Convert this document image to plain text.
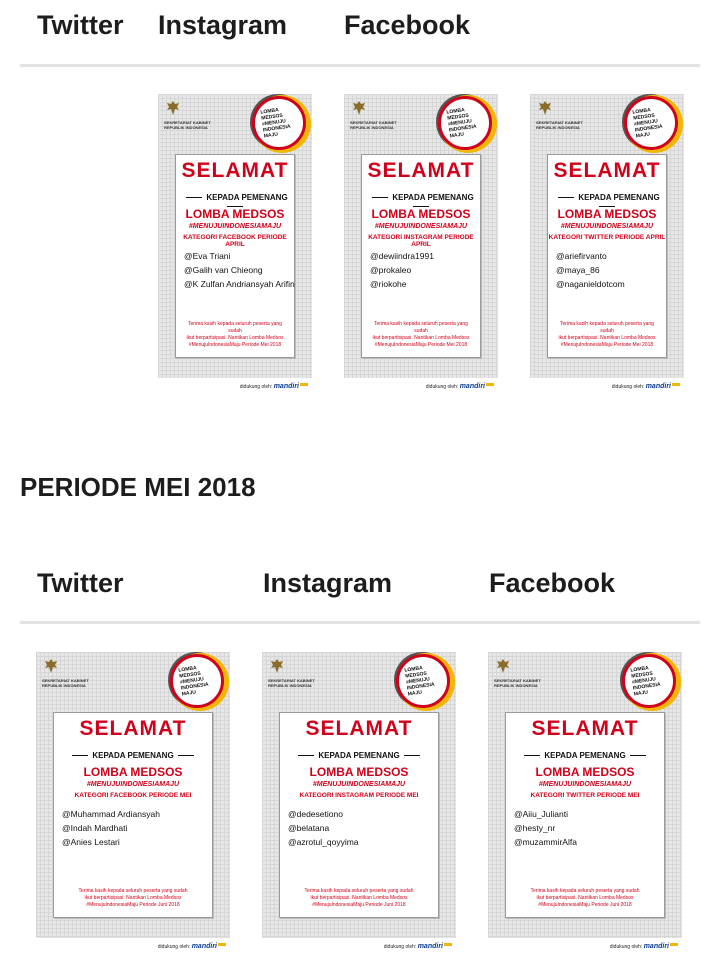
Twitter Instagram Facebook
SEKRETARIAT KABINET
REPUBLIK INDONESIA
LOMBA MEDSOS #MENUJU INDONESIA MAJU
SELAMAT
KEPADA PEMENANG
LOMBA MEDSOS
#MENUJUINDONESIAMAJU
KATEGORI FACEBOOK PERIODE APRIL
@Eva Triani
@Galih van Chieong
@K Zulfan Andriansyah Arifin
Terima kasih kepada seluruh peserta yang sudah
ikut berpartisipasi. Nantikan Lomba Medsos
#MenujuIndonesiaMaju Periode Mei 2018
didukung oleh: mandiri
SEKRETARIAT KABINET
REPUBLIK INDONESIA
LOMBA MEDSOS #MENUJU INDONESIA MAJU
SELAMAT
KEPADA PEMENANG
LOMBA MEDSOS
#MENUJUINDONESIAMAJU
KATEGORI INSTAGRAM PERIODE APRIL
@dewiindra1991
@prokaleo
@riokohe
Terima kasih kepada seluruh peserta yang sudah
ikut berpartisipasi. Nantikan Lomba Medsos
#MenujuIndonesiaMaju Periode Mei 2018
didukung oleh: mandiri
SEKRETARIAT KABINET
REPUBLIK INDONESIA
LOMBA MEDSOS #MENUJU INDONESIA MAJU
SELAMAT
KEPADA PEMENANG
LOMBA MEDSOS
#MENUJUINDONESIAMAJU
KATEGORI TWITTER PERIODE APRIL
@ariefirvanto
@maya_86
@naganieldotcom
Terima kasih kepada seluruh peserta yang sudah
ikut berpartisipasi. Nantikan Lomba Medsos
#MenujuIndonesiaMaju Periode Mei 2018
didukung oleh: mandiri
PERIODE MEI 2018
Twitter	Instagram	Facebook
SEKRETARIAT KABINET
REPUBLIK INDONESIA
LOMBA MEDSOS #MENUJU INDONESIA MAJU
SELAMAT
KEPADA PEMENANG
LOMBA MEDSOS
#MENUJUINDONESIAMAJU
KATEGORI FACEBOOK PERIODE MEI
@Muhammad Ardiansyah
@Indah Mardhati
@Anies Lestari
Terima kasih kepada seluruh peserta yang sudah
ikut berpartisipasi. Nantikan Lomba Medsos
#MenujuIndonesiaMaju Periode Juni 2018
didukung oleh: mandiri
SEKRETARIAT KABINET
REPUBLIK INDONESIA
LOMBA MEDSOS #MENUJU INDONESIA MAJU
SELAMAT
KEPADA PEMENANG
LOMBA MEDSOS
#MENUJUINDONESIAMAJU
KATEGORI INSTAGRAM PERIODE MEI
@dedesetiono
@belatana
@azrotul_qoyyima
Terima kasih kepada seluruh peserta yang sudah
ikut berpartisipasi. Nantikan Lomba Medsos
#MenujuIndonesiaMaju Periode Juni 2018
didukung oleh: mandiri
SEKRETARIAT KABINET
REPUBLIK INDONESIA
LOMBA MEDSOS #MENUJU INDONESIA MAJU
SELAMAT
KEPADA PEMENANG
LOMBA MEDSOS
#MENUJUINDONESIAMAJU
KATEGORI TWITTER PERIODE MEI
@Aiiu_Julianti
@hesty_nr
@muzammirAlfa
Terima kasih kepada seluruh peserta yang sudah
ikut berpartisipasi. Nantikan Lomba Medsos
#MenujuIndonesiaMaju Periode Juni 2018
didukung oleh: mandiri
